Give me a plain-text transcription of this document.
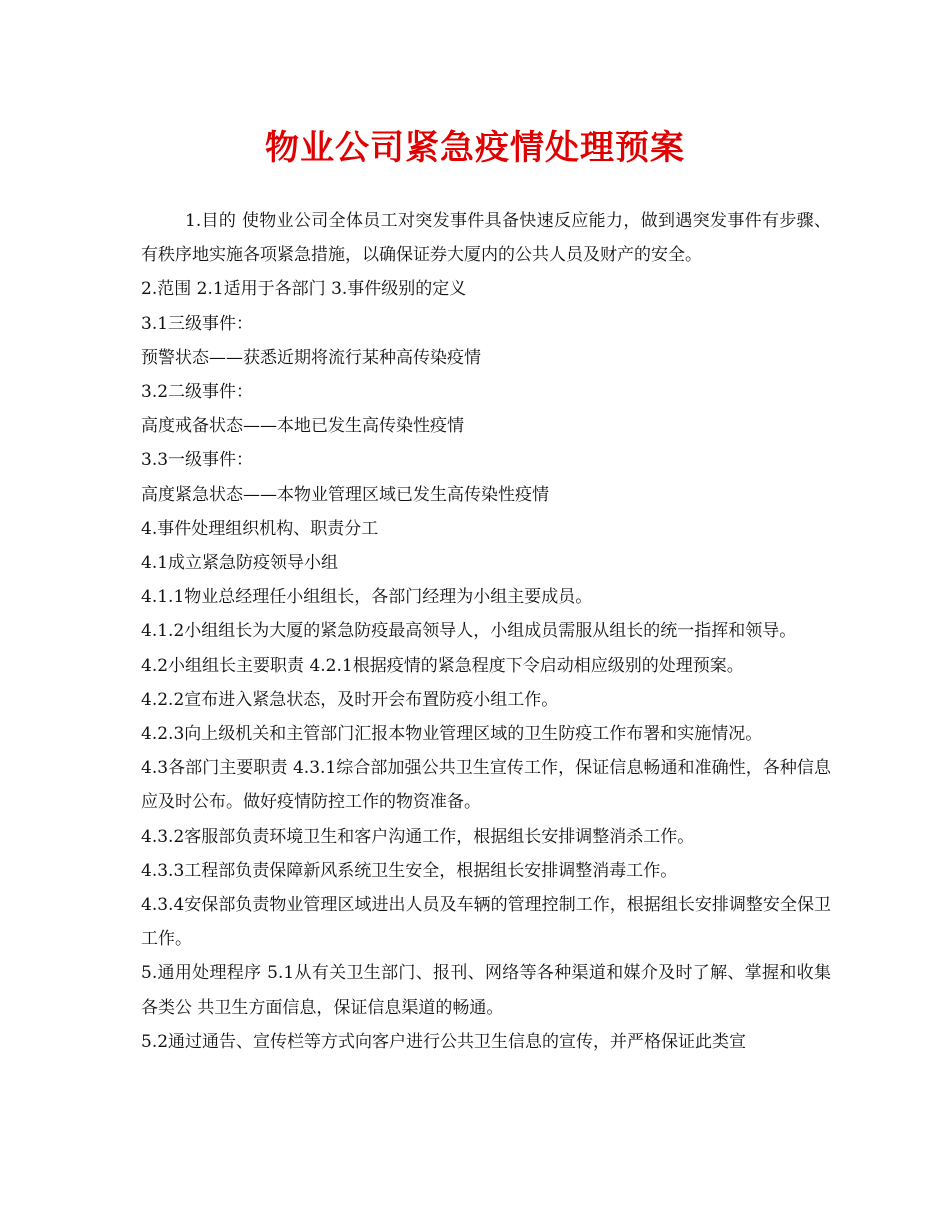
物业公司紧急疫情处理预案

1.目的 使物业公司全体员工对突发事件具备快速反应能力，做到遇突发事件有步骤、有秩序地实施各项紧急措施，以确保证券大厦内的公共人员及财产的安全。

2.范围 2.1适用于各部门 3.事件级别的定义

3.1三级事件：

预警状态——获悉近期将流行某种高传染疫情

3.2二级事件：

高度戒备状态——本地已发生高传染性疫情

3.3一级事件：

高度紧急状态——本物业管理区域已发生高传染性疫情

4.事件处理组织机构、职责分工

4.1成立紧急防疫领导小组

4.1.1物业总经理任小组组长，各部门经理为小组主要成员。

4.1.2小组组长为大厦的紧急防疫最高领导人，小组成员需服从组长的统一指挥和领导。

4.2小组组长主要职责 4.2.1根据疫情的紧急程度下令启动相应级别的处理预案。

4.2.2宣布进入紧急状态，及时开会布置防疫小组工作。

4.2.3向上级机关和主管部门汇报本物业管理区域的卫生防疫工作布署和实施情况。

4.3各部门主要职责 4.3.1综合部加强公共卫生宣传工作，保证信息畅通和准确性，各种信息应及时公布。做好疫情防控工作的物资准备。

4.3.2客服部负责环境卫生和客户沟通工作，根据组长安排调整消杀工作。

4.3.3工程部负责保障新风系统卫生安全，根据组长安排调整消毒工作。

4.3.4安保部负责物业管理区域进出人员及车辆的管理控制工作，根据组长安排调整安全保卫工作。

5.通用处理程序 5.1从有关卫生部门、报刊、网络等各种渠道和媒介及时了解、掌握和收集各类公 共卫生方面信息，保证信息渠道的畅通。

5.2通过通告、宣传栏等方式向客户进行公共卫生信息的宣传，并严格保证此类宣
